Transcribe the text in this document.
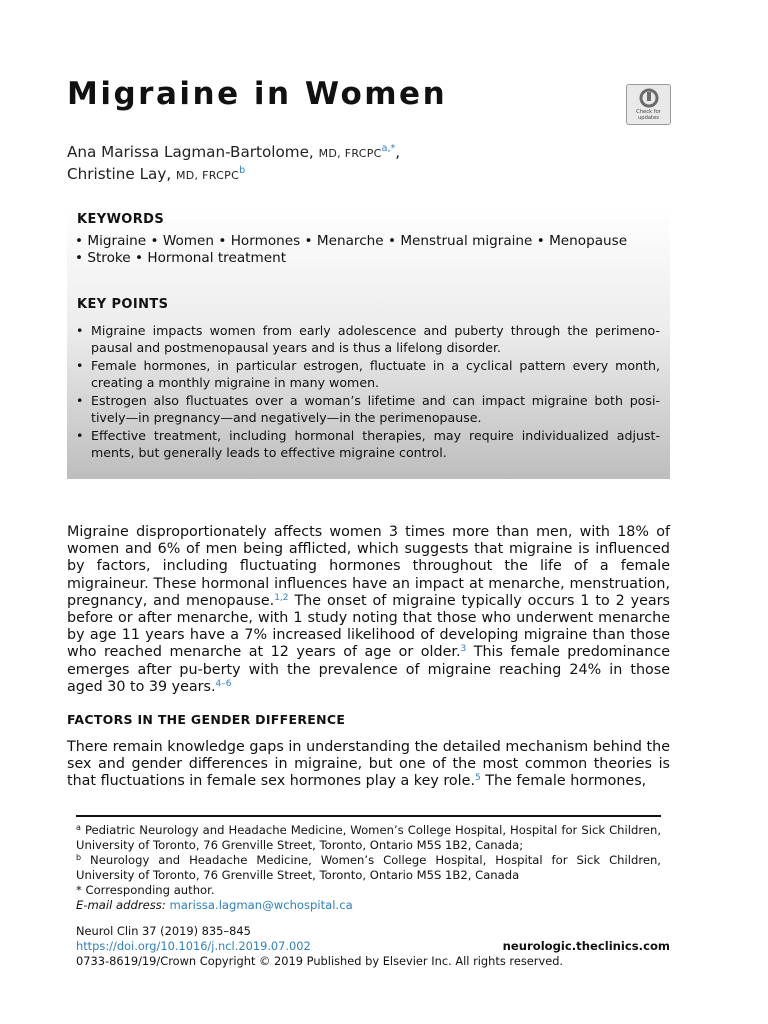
Migraine in Women	Check for
updates
Ana Marissa Lagman-Bartolome, MD, $FRCPC^{a,*}$,
Christine Lay, MD, FRCPC$^b$
KEYWORDS
• Migraine • Women • Hormones • Menarche • Menstrual migraine • Menopause
• Stroke • Hormonal treatment
KEY POINTS
• Migraine impacts women from early adolescence and puberty through the perimeno-pausal and postmenopausal years and is thus a lifelong disorder.
• Female hormones, in particular estrogen, fluctuate in a cyclical pattern every month, creating a monthly migraine in many women.
• Estrogen also fluctuates over a woman’s lifetime and can impact migraine both posi-tively—in pregnancy—and negatively—in the perimenopause.
• Effective treatment, including hormonal therapies, may require individualized adjust-ments, but generally leads to effective migraine control.

Migraine disproportionately affects women 3 times more than men, with 18% of women and 6% of men being afflicted, which suggests that migraine is influenced by factors, including fluctuating hormones throughout the life of a female migraineur. These hormonal influences have an impact at menarche, menstruation, pregnancy, and menopause.$^{1,2}$ The onset of migraine typically occurs 1 to 2 years before or after menarche, with 1 study noting that those who underwent menarche by age 11 years have a 7% increased likelihood of developing migraine than those who reached menarche at 12 years of age or older.$^3$ This female predominance emerges after pu-berty with the prevalence of migraine reaching 24% in those aged 30 to 39 years.$^{4-6}$

FACTORS IN THE GENDER DIFFERENCE

There remain knowledge gaps in understanding the detailed mechanism behind the sex and gender differences in migraine, but one of the most common theories is that fluctuations in female sex hormones play a key role.$^5$ The female hormones,

$^a$ Pediatric Neurology and Headache Medicine, Women’s College Hospital, Hospital for Sick Children, University of Toronto, 76 Grenville Street, Toronto, Ontario M5S 1B2, Canada;

$^b$ Neurology and Headache Medicine, Women’s College Hospital, Hospital for Sick Children, University of Toronto, 76 Grenville Street, Toronto, Ontario M5S 1B2, Canada

* Corresponding author.

E-mail address: marissa.lagman@wchospital.ca

Neurol Clin 37 (2019) 835–845
https://doi.org/10.1016/j.ncl.2019.07.002	neurologic.theclinics.com
0733-8619/19/Crown Copyright © 2019 Published by Elsevier Inc. All rights reserved.
